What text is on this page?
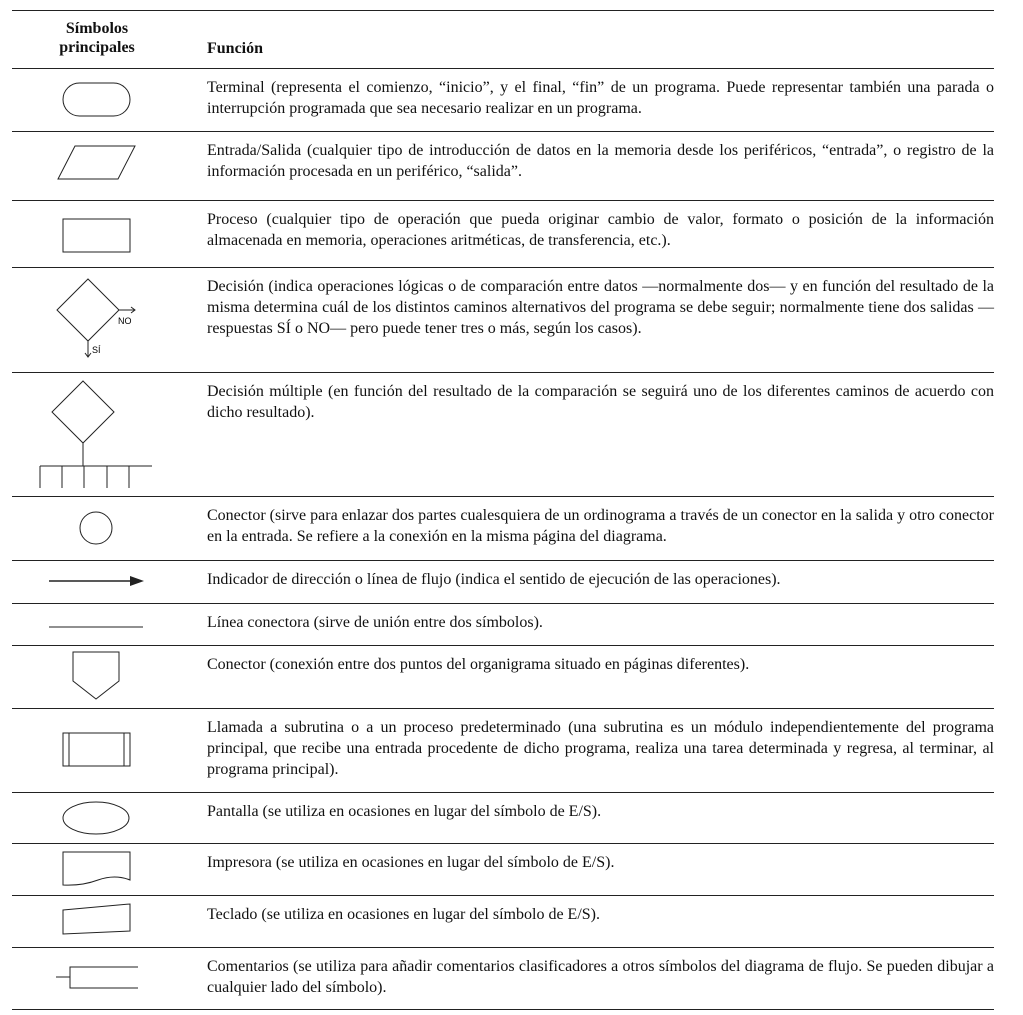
Símbolos
principales	Función
Terminal (representa el comienzo, “inicio”, y el final, “fin” de un programa. Puede representar también una parada o interrupción programada que sea necesario realizar en un programa.
Entrada/Salida (cualquier tipo de introducción de datos en la memoria desde los periféricos, “entrada”, o registro de la información procesada en un periférico, “salida”.
Proceso (cualquier tipo de operación que pueda originar cambio de valor, formato o posición de la información almacenada en memoria, operaciones aritméticas, de transferencia, etc.).
NO
SÍ
Decisión (indica operaciones lógicas o de comparación entre datos —normalmente dos— y en función del resultado de la misma determina cuál de los distintos caminos alternativos del programa se debe seguir; normalmente tiene dos salidas —respuestas SÍ o NO— pero puede tener tres o más, según los casos).
Decisión múltiple (en función del resultado de la comparación se seguirá uno de los diferentes caminos de acuerdo con dicho resultado).
Conector (sirve para enlazar dos partes cualesquiera de un ordinograma a través de un conector en la salida y otro conector en la entrada. Se refiere a la conexión en la misma página del diagrama.
Indicador de dirección o línea de flujo (indica el sentido de ejecución de las operaciones).
Línea conectora (sirve de unión entre dos símbolos).
Conector (conexión entre dos puntos del organigrama situado en páginas diferentes).
Llamada a subrutina o a un proceso predeterminado (una subrutina es un módulo independientemente del programa principal, que recibe una entrada procedente de dicho programa, realiza una tarea determinada y regresa, al terminar, al programa principal).
Pantalla (se utiliza en ocasiones en lugar del símbolo de E/S).
Impresora (se utiliza en ocasiones en lugar del símbolo de E/S).
Teclado (se utiliza en ocasiones en lugar del símbolo de E/S).
Comentarios (se utiliza para añadir comentarios clasificadores a otros símbolos del diagrama de flujo. Se pueden dibujar a cualquier lado del símbolo).
